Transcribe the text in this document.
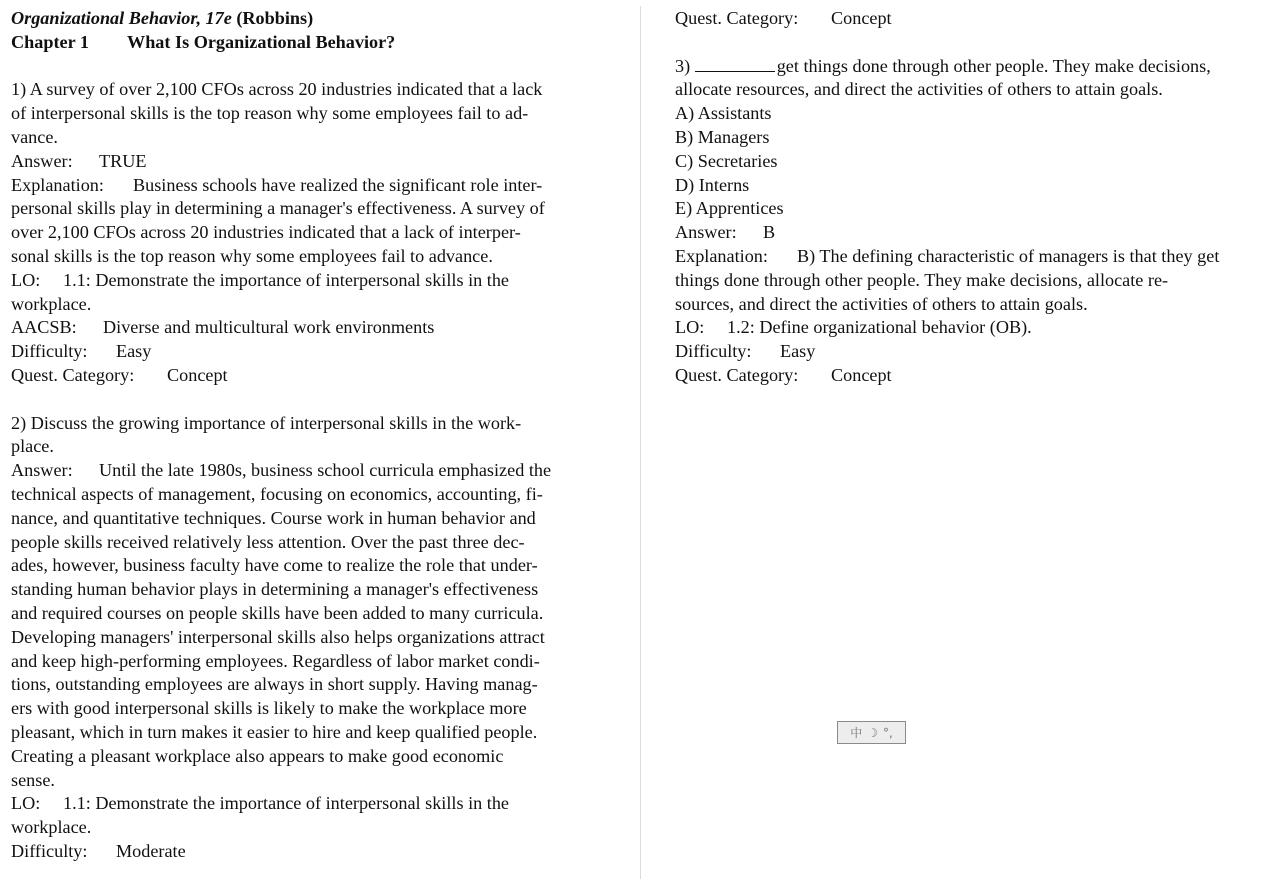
Organizational Behavior, 17e (Robbins)
Chapter 1 What Is Organizational Behavior?
1) A survey of over 2,100 CFOs across 20 industries indicated that a lack
of interpersonal skills is the top reason why some employees fail to ad-
vance.
Answer: TRUE
Explanation: Business schools have realized the significant role inter-
personal skills play in determining a manager's effectiveness. A survey of
over 2,100 CFOs across 20 industries indicated that a lack of interper-
sonal skills is the top reason why some employees fail to advance.
LO: 1.1: Demonstrate the importance of interpersonal skills in the
workplace.
AACSB: Diverse and multicultural work environments
Difficulty: Easy
Quest. Category: Concept
2) Discuss the growing importance of interpersonal skills in the work-
place.
Answer: Until the late 1980s, business school curricula emphasized the
technical aspects of management, focusing on economics, accounting, fi-
nance, and quantitative techniques. Course work in human behavior and
people skills received relatively less attention. Over the past three dec-
ades, however, business faculty have come to realize the role that under-
standing human behavior plays in determining a manager's effectiveness
and required courses on people skills have been added to many curricula.
Developing managers' interpersonal skills also helps organizations attract
and keep high-performing employees. Regardless of labor market condi-
tions, outstanding employees are always in short supply. Having manag-
ers with good interpersonal skills is likely to make the workplace more
pleasant, which in turn makes it easier to hire and keep qualified people.
Creating a pleasant workplace also appears to make good economic
sense.
LO: 1.1: Demonstrate the importance of interpersonal skills in the
workplace.
Difficulty: Moderate
Quest. Category: Concept
3)	get things done through other people. They make decisions,
allocate resources, and direct the activities of others to attain goals.
A) Assistants
B) Managers
C) Secretaries
D) Interns
E) Apprentices
Answer: B
Explanation: B) The defining characteristic of managers is that they get
things done through other people. They make decisions, allocate re-
sources, and direct the activities of others to attain goals.
LO: 1.2: Define organizational behavior (OB).
Difficulty: Easy
Quest. Category: Concept
中 ☽ °,
